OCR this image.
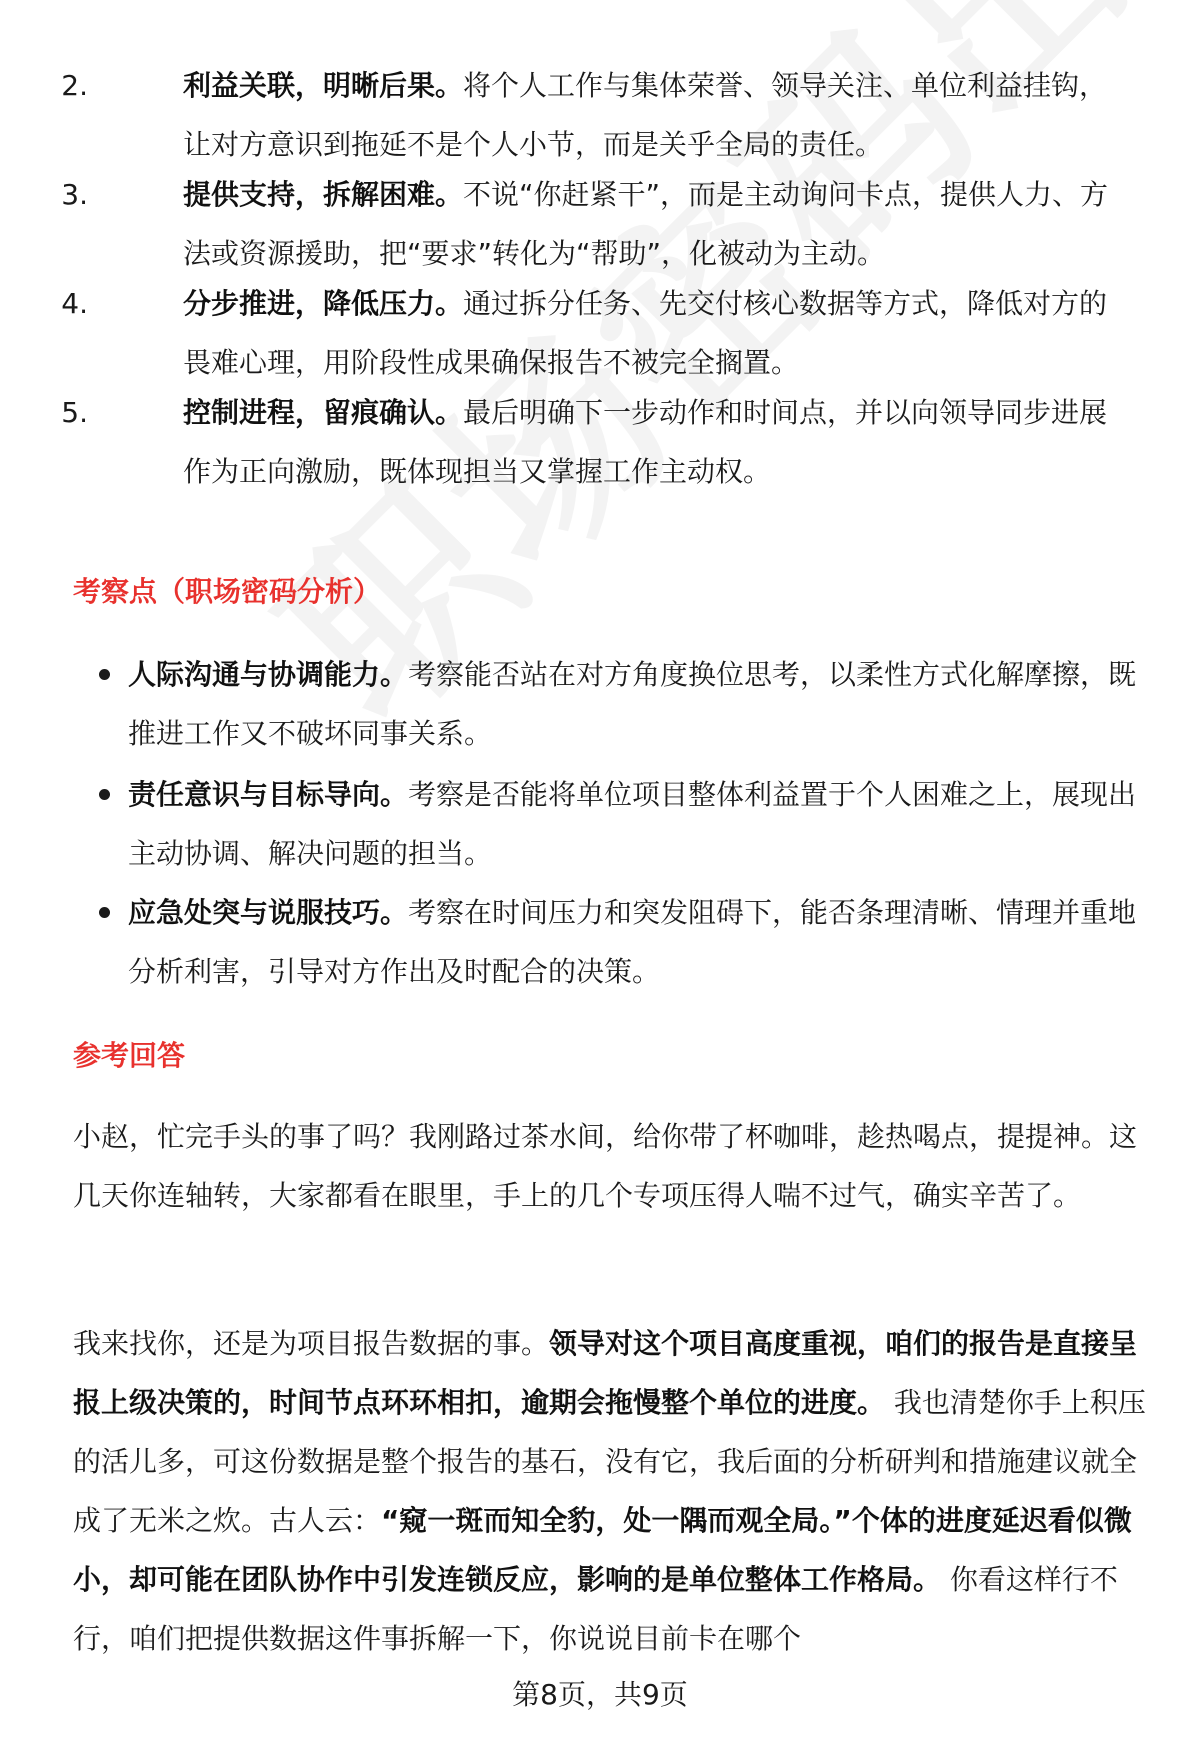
2.	利益关联，明晰后果。将个人工作与集体荣誉、领导关注、单位利益挂钩，让对方意识到拖延不是个人小节，而是关乎全局的责任。
3.	提供支持，拆解困难。不说“你赶紧干”，而是主动询问卡点，提供人力、方法或资源援助，把“要求”转化为“帮助”，化被动为主动。
4.	分步推进，降低压力。通过拆分任务、先交付核心数据等方式，降低对方的畏难心理，用阶段性成果确保报告不被完全搁置。
5.	控制进程，留痕确认。最后明确下一步动作和时间点，并以向领导同步进展作为正向激励，既体现担当又掌握工作主动权。
考察点（职场密码分析）
人际沟通与协调能力。考察能否站在对方角度换位思考，以柔性方式化解摩擦，既推进工作又不破坏同事关系。
责任意识与目标导向。考察是否能将单位项目整体利益置于个人困难之上，展现出主动协调、解决问题的担当。
应急处突与说服技巧。考察在时间压力和突发阻碍下，能否条理清晰、情理并重地分析利害，引导对方作出及时配合的决策。
参考回答
小赵，忙完手头的事了吗？我刚路过茶水间，给你带了杯咖啡，趁热喝点，提提神。这几天你连轴转，大家都看在眼里，手上的几个专项压得人喘不过气，确实辛苦了。
我来找你，还是为项目报告数据的事。领导对这个项目高度重视，咱们的报告是直接呈报上级决策的，时间节点环环相扣，逾期会拖慢整个单位的进度。 我也清楚你手上积压的活儿多，可这份数据是整个报告的基石，没有它，我后面的分析研判和措施建议就全成了无米之炊。古人云：“窥一斑而知全豹，处一隅而观全局。”个体的进度延迟看似微小，却可能在团队协作中引发连锁反应，影响的是单位整体工作格局。 你看这样行不行，咱们把提供数据这件事拆解一下，你说说目前卡在哪个
第8页，共9页
